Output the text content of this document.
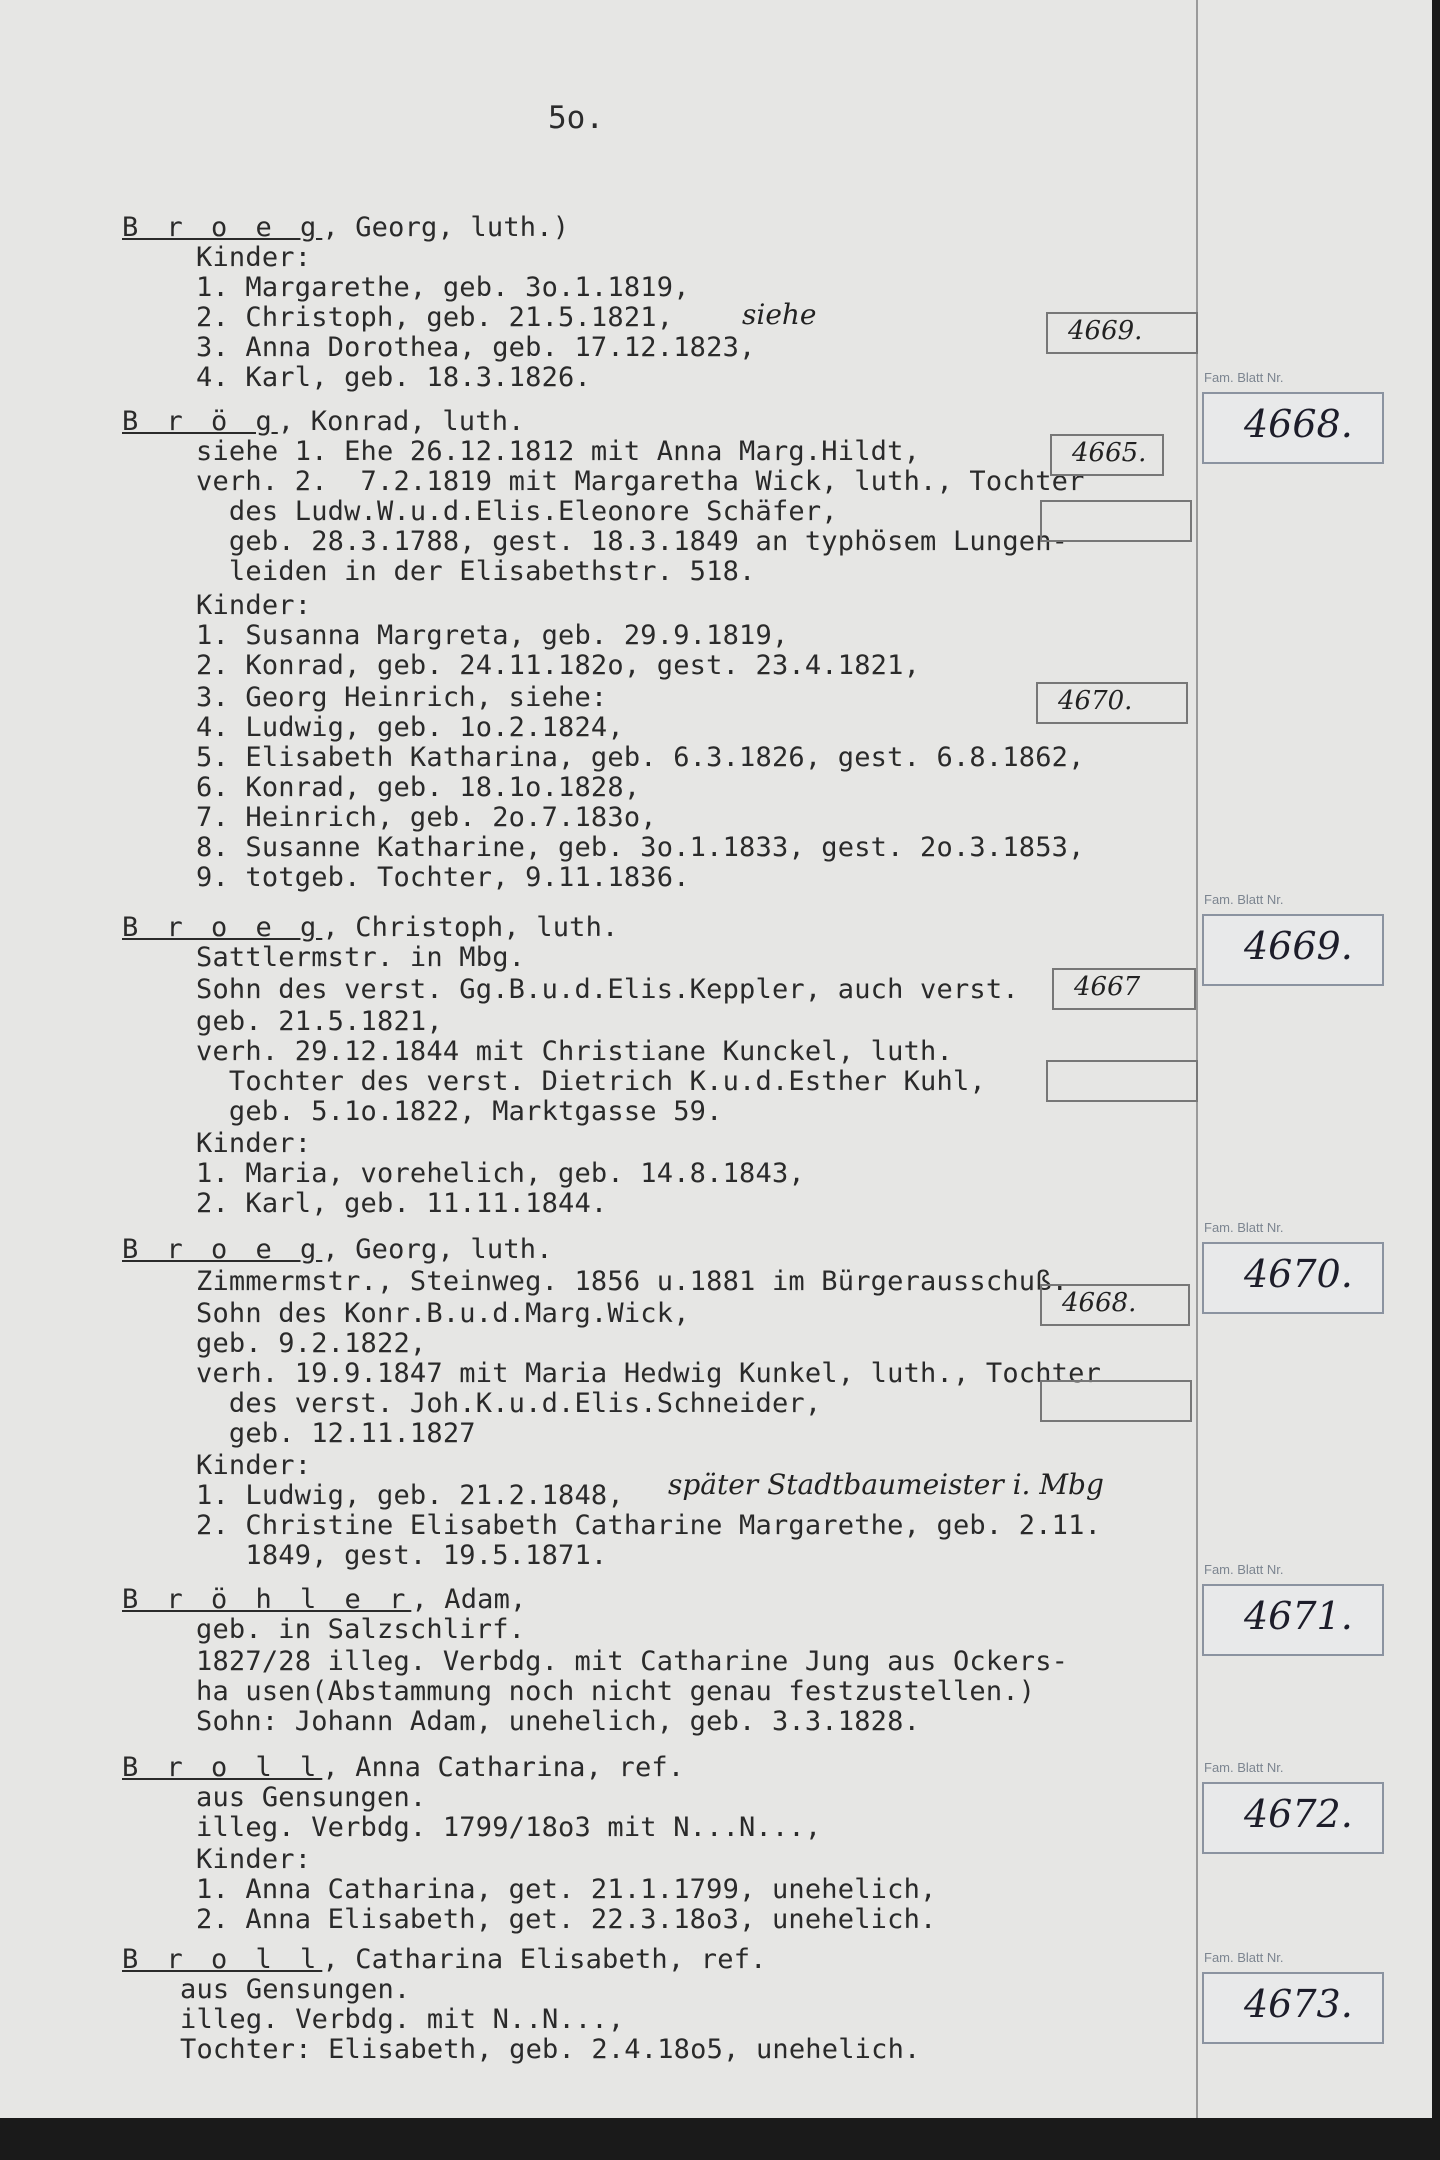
5o.
B r o e g, Georg, luth.)
Kinder:
1. Margarethe, geb. 3o.1.1819,
2. Christoph, geb. 21.5.1821, siehe
3. Anna Dorothea, geb. 17.12.1823,
4. Karl, geb. 18.3.1826.
4669.
Fam. Blatt Nr.
4668.
B r ö g, Konrad, luth.
siehe 1. Ehe 26.12.1812 mit Anna Marg.Hildt,
verh. 2.  7.2.1819 mit Margaretha Wick, luth., Tochter
des Ludw.W.u.d.Elis.Eleonore Schäfer,
geb. 28.3.1788, gest. 18.3.1849 an typhösem Lungen-
leiden in der Elisabethstr. 518.
Kinder:
1. Susanna Margreta, geb. 29.9.1819,
2. Konrad, geb. 24.11.182o, gest. 23.4.1821,
3. Georg Heinrich, siehe:
4. Ludwig, geb. 1o.2.1824,
5. Elisabeth Katharina, geb. 6.3.1826, gest. 6.8.1862,
6. Konrad, geb. 18.1o.1828,
7. Heinrich, geb. 2o.7.183o,
8. Susanne Katharine, geb. 3o.1.1833, gest. 2o.3.1853,
9. totgeb. Tochter, 9.11.1836.
4665.
4670.
Fam. Blatt Nr.
4669.
B r o e g, Christoph, luth.
Sattlermstr. in Mbg.
Sohn des verst. Gg.B.u.d.Elis.Keppler, auch verst.
geb. 21.5.1821,
verh. 29.12.1844 mit Christiane Kunckel, luth.
Tochter des verst. Dietrich K.u.d.Esther Kuhl,
geb. 5.1o.1822, Marktgasse 59.
Kinder:
1. Maria, vorehelich, geb. 14.8.1843,
2. Karl, geb. 11.11.1844.
4667
Fam. Blatt Nr.
4670.
B r o e g, Georg, luth.
Zimmermstr., Steinweg. 1856 u.1881 im Bürgerausschuß.
Sohn des Konr.B.u.d.Marg.Wick,
geb. 9.2.1822,
verh. 19.9.1847 mit Maria Hedwig Kunkel, luth., Tochter
des verst. Joh.K.u.d.Elis.Schneider,
geb. 12.11.1827
Kinder:
1. Ludwig, geb. 21.2.1848, später Stadtbaumeister i. Mbg
2. Christine Elisabeth Catharine Margarethe, geb. 2.11.
1849, gest. 19.5.1871.
4668.
Fam. Blatt Nr.
4671.
B r ö h l e r, Adam,
geb. in Salzschlirf.
1827/28 illeg. Verbdg. mit Catharine Jung aus Ockers-
ha usen(Abstammung noch nicht genau festzustellen.)
Sohn: Johann Adam, unehelich, geb. 3.3.1828.
Fam. Blatt Nr.
4672.
B r o l l, Anna Catharina, ref.
aus Gensungen.
illeg. Verbdg. 1799/18o3 mit N...N...,
Kinder:
1. Anna Catharina, get. 21.1.1799, unehelich,
2. Anna Elisabeth, get. 22.3.18o3, unehelich.
Fam. Blatt Nr.
4673.
B r o l l, Catharina Elisabeth, ref.
aus Gensungen.
illeg. Verbdg. mit N..N...,
Tochter: Elisabeth, geb. 2.4.18o5, unehelich.
